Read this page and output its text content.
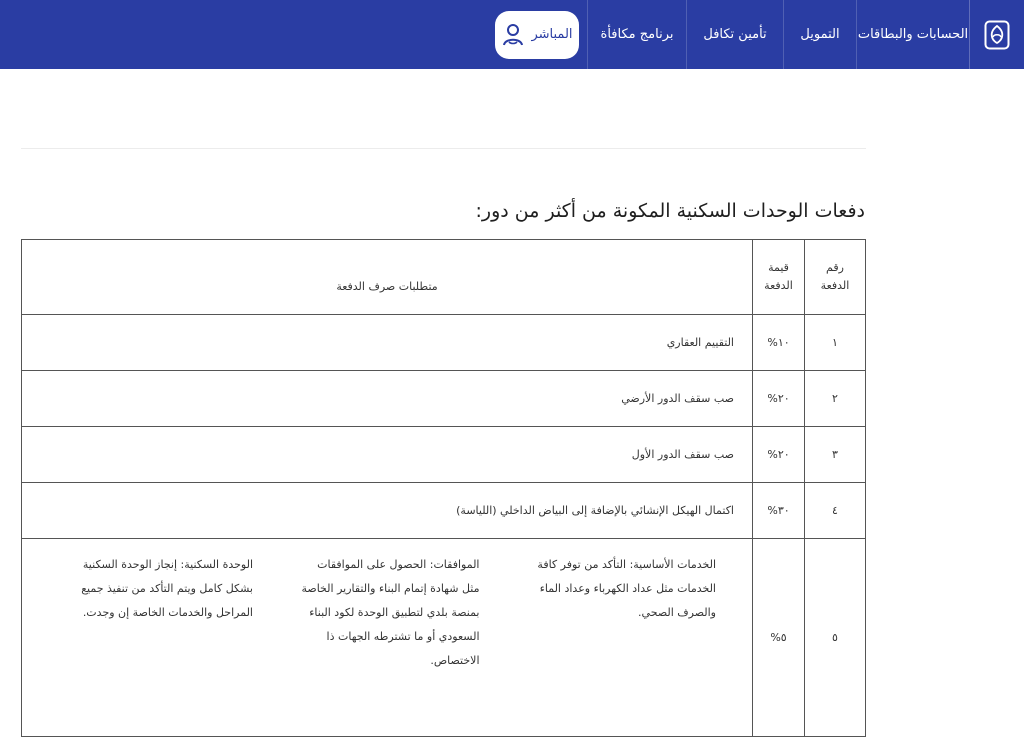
الحسابات والبطاقات
التمويل
تأمين تكافل
برنامج مكافأة
المباشر
دفعات الوحدات السكنية المكونة من أكثر من دور:
رقم الدفعة	قيمة الدفعة	متطلبات صرف الدفعة
١	١٠%	التقييم العقاري
٢	٢٠%	صب سقف الدور الأرضي
٣	٢٠%	صب سقف الدور الأول
٤	٣٠%	اكتمال الهيكل الإنشائي بالإضافة إلى البياض الداخلي (اللياسة)
٥	٥%	الخدمات الأساسية: التأكد من توفر كافة الخدمات مثل عداد الكهرباء وعداد الماء والصرف الصحي.
الموافقات: الحصول على الموافقات مثل شهادة إتمام البناء والتقارير الخاصة بمنصة بلدي لتطبيق الوحدة لكود البناء السعودي أو ما تشترطه الجهات ذا الاختصاص.
الوحدة السكنية: إنجاز الوحدة السكنية بشكل كامل ويتم التأكد من تنفيذ جميع المراحل والخدمات الخاصة إن وجدت.
